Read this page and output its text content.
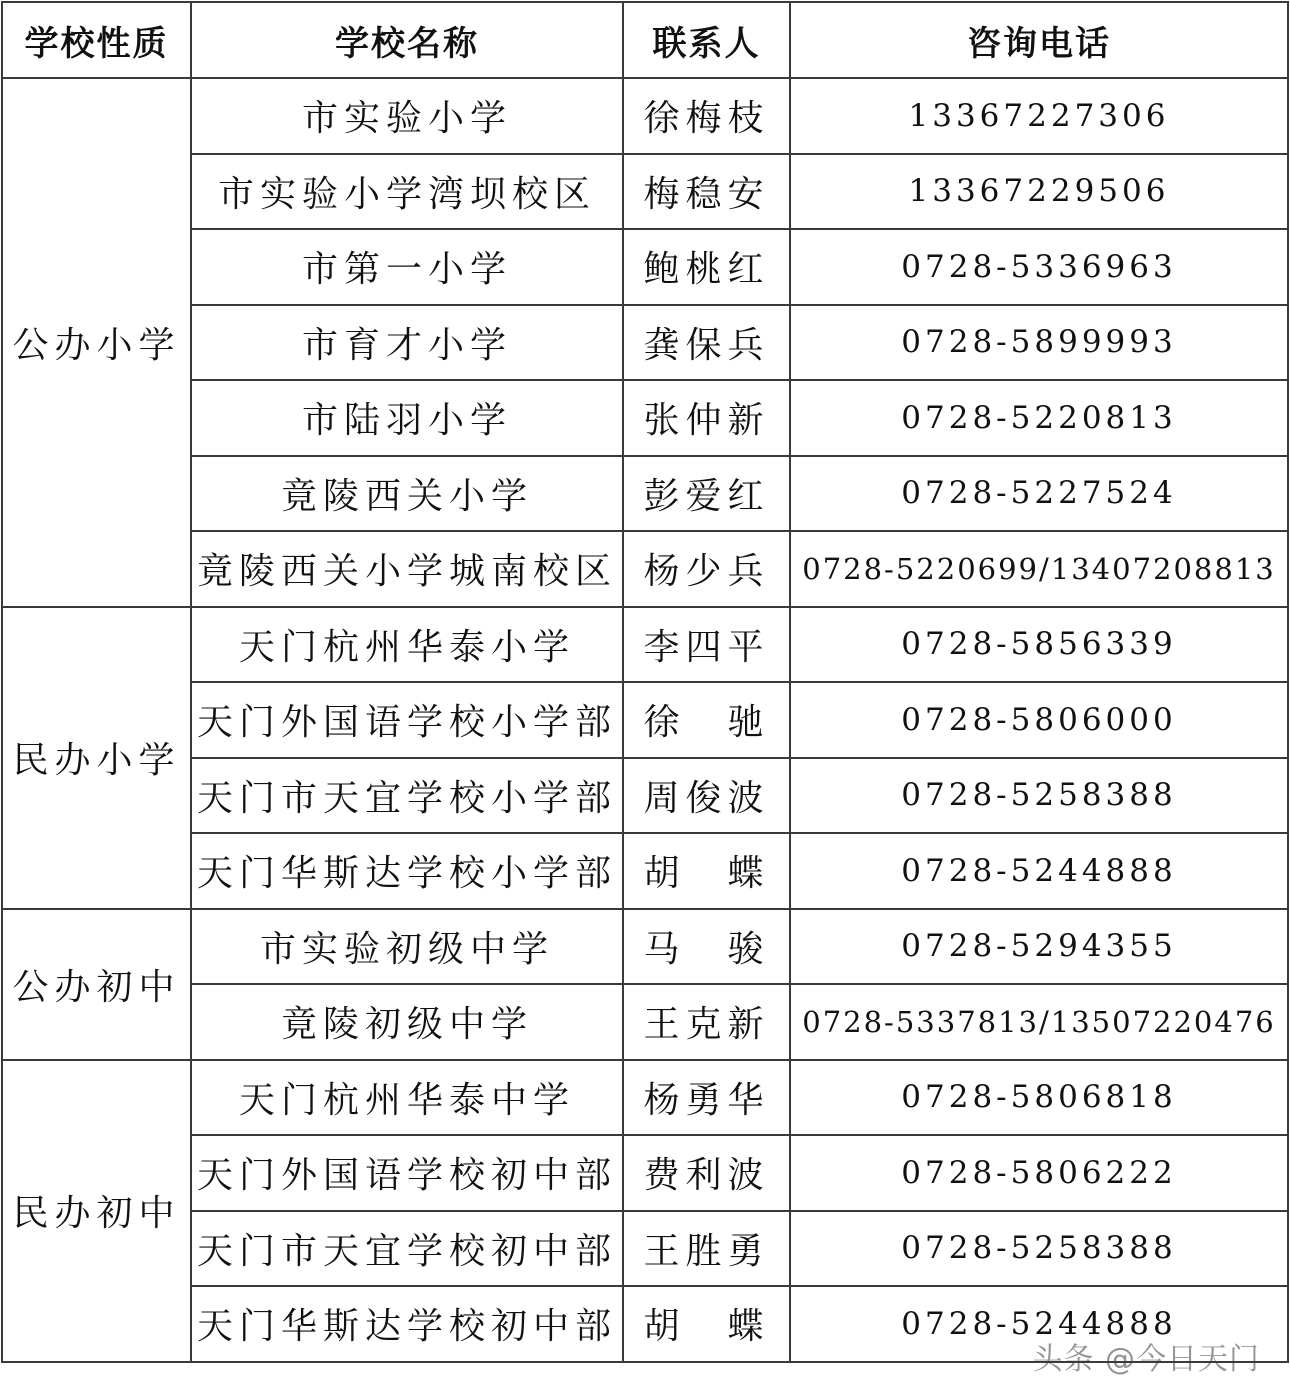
学校性质	学校名称	联系人	咨询电话
公办小学	市实验小学	徐梅枝	13367227306
	市实验小学湾坝校区	梅稳安	13367229506
	市第一小学	鲍桃红	0728-5336963
	市育才小学	龚保兵	0728-5899993
	市陆羽小学	张仲新	0728-5220813
	竟陵西关小学	彭爱红	0728-5227524
	竟陵西关小学城南校区	杨少兵	0728-5220699/13407208813
民办小学	天门杭州华泰小学	李四平	0728-5856339
	天门外国语学校小学部	徐　驰	0728-5806000
	天门市天宜学校小学部	周俊波	0728-5258388
	天门华斯达学校小学部	胡　蝶	0728-5244888
公办初中	市实验初级中学	马　骏	0728-5294355
	竟陵初级中学	王克新	0728-5337813/13507220476
民办初中	天门杭州华泰中学	杨勇华	0728-5806818
	天门外国语学校初中部	费利波	0728-5806222
	天门市天宜学校初中部	王胜勇	0728-5258388
	天门华斯达学校初中部	胡　蝶	0728-5244888
头条 @今日天门
